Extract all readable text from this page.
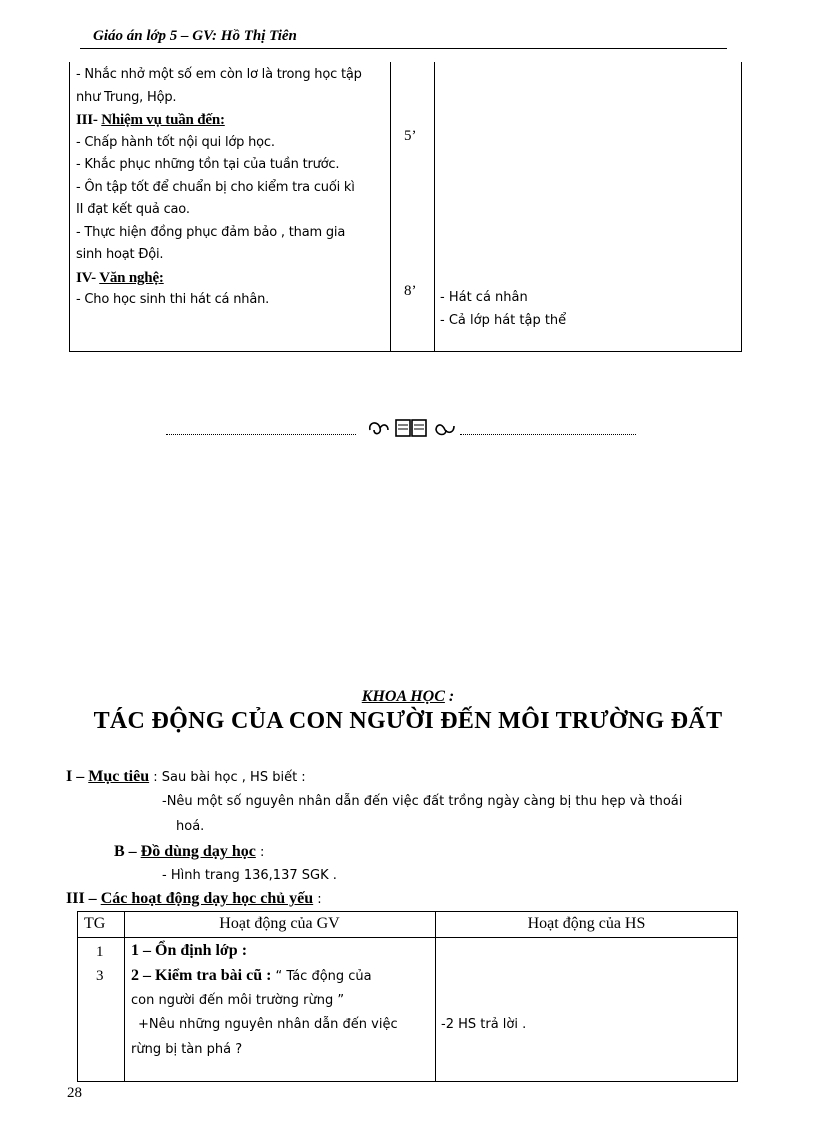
Giáo án lớp 5 – GV: Hồ Thị Tiên
- Nhắc nhở một số em còn lơ là trong học tập
như Trung, Hộp.
III- Nhiệm vụ tuần đến:
- Chấp hành tốt nội qui lớp học.
- Khắc phục những tồn tại của tuần trước.
- Ôn tập tốt để chuẩn bị cho kiểm tra cuối kì
II đạt kết quả cao.
- Thực hiện đồng phục đảm bảo , tham gia
sinh hoạt Đội.
IV- Văn nghệ:
- Cho học sinh thi hát cá nhân.
5’
8’ - Hát cá nhân
- Cả lớp hát tập thể
KHOA HỌC :
TÁC ĐỘNG CỦA CON NGƯỜI ĐẾN MÔI TRƯỜNG ĐẤT
I – Mục tiêu : Sau bài học , HS biết :
-Nêu một số nguyên nhân dẫn đến việc đất trồng ngày càng bị thu hẹp và thoái
hoá.
B – Đồ dùng dạy học :
- Hình trang 136,137 SGK .
III – Các hoạt động dạy học chủ yếu :
TG	Hoạt động của GV	Hoạt động của HS
1
3
1 – Ổn định lớp :
2 – Kiểm tra bài cũ : “ Tác động của
con người đến môi trường rừng ”
+Nêu những nguyên nhân dẫn đến việc
rừng bị tàn phá ?
-2 HS trả lời .
28
